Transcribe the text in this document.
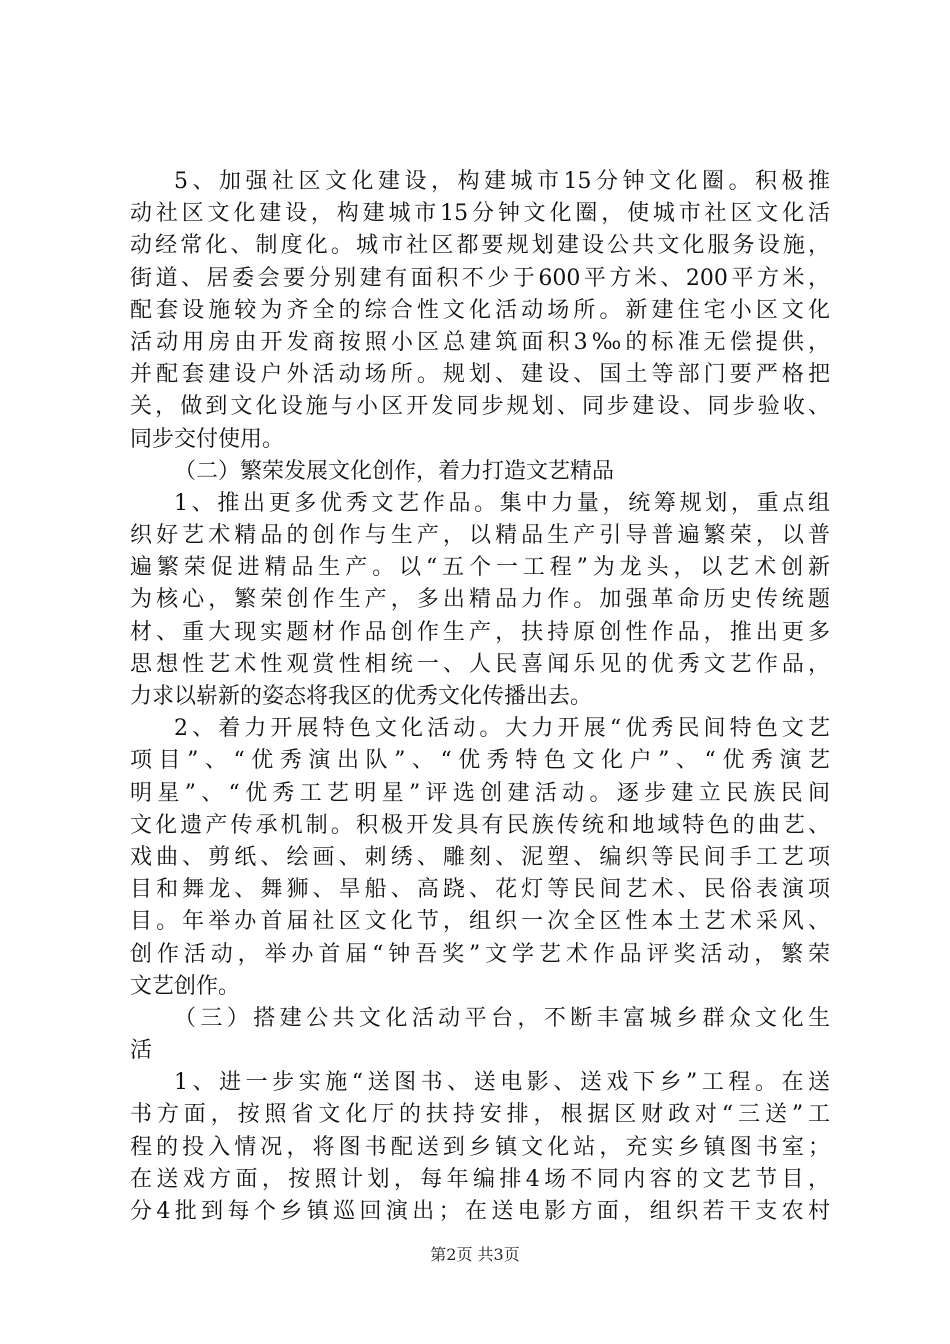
5、加强社区文化建设，构建城市15分钟文化圈。积极推
动社区文化建设，构建城市15分钟文化圈，使城市社区文化活
动经常化、制度化。城市社区都要规划建设公共文化服务设施，
街道、居委会要分别建有面积不少于600平方米、200平方米，
配套设施较为齐全的综合性文化活动场所。新建住宅小区文化
活动用房由开发商按照小区总建筑面积3‰的标准无偿提供，
并配套建设户外活动场所。规划、建设、国土等部门要严格把
关，做到文化设施与小区开发同步规划、同步建设、同步验收、
同步交付使用。
（二）繁荣发展文化创作，着力打造文艺精品
1、推出更多优秀文艺作品。集中力量，统筹规划，重点组
织好艺术精品的创作与生产，以精品生产引导普遍繁荣，以普
遍繁荣促进精品生产。以“五个一工程”为龙头，以艺术创新
为核心，繁荣创作生产，多出精品力作。加强革命历史传统题
材、重大现实题材作品创作生产，扶持原创性作品，推出更多
思想性艺术性观赏性相统一、人民喜闻乐见的优秀文艺作品，
力求以崭新的姿态将我区的优秀文化传播出去。
2、着力开展特色文化活动。大力开展“优秀民间特色文艺
项目”、“优秀演出队”、“优秀特色文化户”、“优秀演艺
明星”、“优秀工艺明星”评选创建活动。逐步建立民族民间
文化遗产传承机制。积极开发具有民族传统和地域特色的曲艺、
戏曲、剪纸、绘画、刺绣、雕刻、泥塑、编织等民间手工艺项
目和舞龙、舞狮、旱船、高跷、花灯等民间艺术、民俗表演项
目。年举办首届社区文化节，组织一次全区性本土艺术采风、
创作活动，举办首届“钟吾奖”文学艺术作品评奖活动，繁荣
文艺创作。
（三）搭建公共文化活动平台，不断丰富城乡群众文化生
活
1、进一步实施“送图书、送电影、送戏下乡”工程。在送
书方面，按照省文化厅的扶持安排，根据区财政对“三送”工
程的投入情况，将图书配送到乡镇文化站，充实乡镇图书室；
在送戏方面，按照计划，每年编排4场不同内容的文艺节目，
分4批到每个乡镇巡回演出；在送电影方面，组织若干支农村
第2页 共3页
